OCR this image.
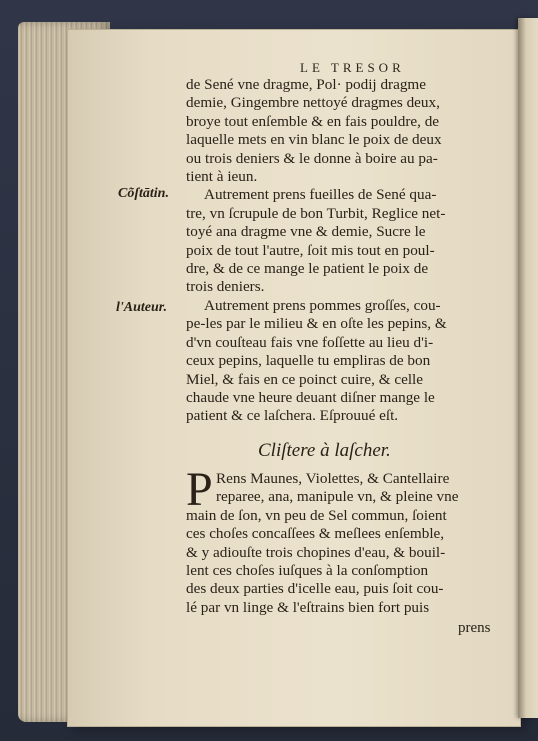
LE TRESOR
de Sené vne dragme, Pol· podij dragme
demie, Gingembre nettoyé dragmes deux,
broye tout enſemble & en fais pouldre, de
laquelle mets en vin blanc le poix de deux
ou trois deniers & le donne à boire au pa-
tient à ieun.
Autrement prens fueilles de Sené qua-
tre, vn ſcrupule de bon Turbit, Reglice net-
toyé ana dragme vne & demie, Sucre le
poix de tout l'autre, ſoit mis tout en poul-
dre, & de ce mange le patient le poix de
trois deniers.
Autrement prens pommes groſſes, cou-
pe-les par le milieu & en oſte les pepins, &
d'vn couſteau fais vne foſſette au lieu d'i-
ceux pepins, laquelle tu empliras de bon
Miel, & fais en ce poinct cuire, & celle
chaude vne heure deuant diſner mange le
patient & ce laſchera. Eſprouué eſt.
Cõſtātin.
l'Auteur.
Cliſtere à laſcher.
P Rens Maunes, Violettes, & Cantellaire
reparee, ana, manipule vn, & pleine vne
main de ſon, vn peu de Sel commun, ſoient
ces choſes concaſſees & meſlees enſemble,
& y adiouſte trois chopines d'eau, & bouil-
lent ces choſes iuſques à la conſomption
des deux parties d'icelle eau, puis ſoit cou-
lé par vn linge & l'eſtrains bien fort puis
prens
